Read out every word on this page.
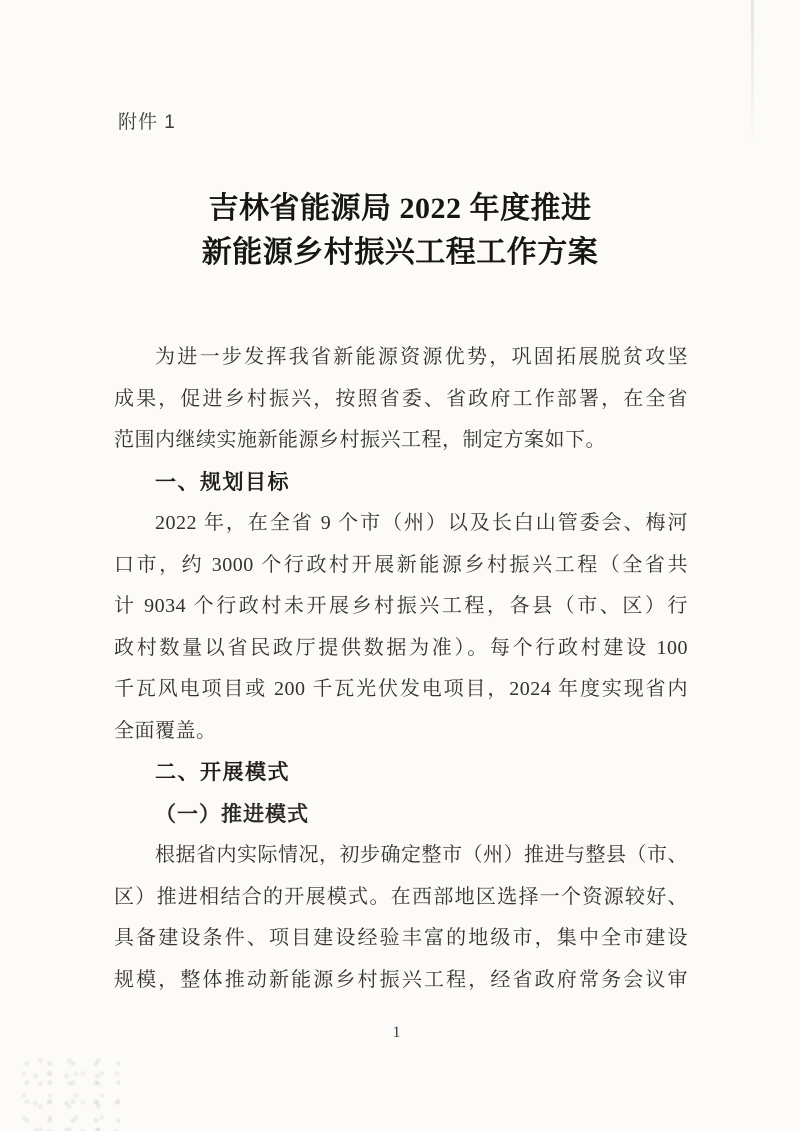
附件 1
吉林省能源局 2022 年度推进
新能源乡村振兴工程工作方案
为进一步发挥我省新能源资源优势，巩固拓展脱贫攻坚
成果，促进乡村振兴，按照省委、省政府工作部署，在全省
范围内继续实施新能源乡村振兴工程，制定方案如下。
一、规划目标
2022 年，在全省 9 个市（州）以及长白山管委会、梅河
口市，约 3000 个行政村开展新能源乡村振兴工程（全省共
计 9034 个行政村未开展乡村振兴工程，各县（市、区）行
政村数量以省民政厅提供数据为准）。每个行政村建设 100
千瓦风电项目或 200 千瓦光伏发电项目，2024 年度实现省内
全面覆盖。
二、开展模式
（一）推进模式
根据省内实际情况，初步确定整市（州）推进与整县（市、
区）推进相结合的开展模式。在西部地区选择一个资源较好、
具备建设条件、项目建设经验丰富的地级市，集中全市建设
规模，整体推动新能源乡村振兴工程，经省政府常务会议审
1
